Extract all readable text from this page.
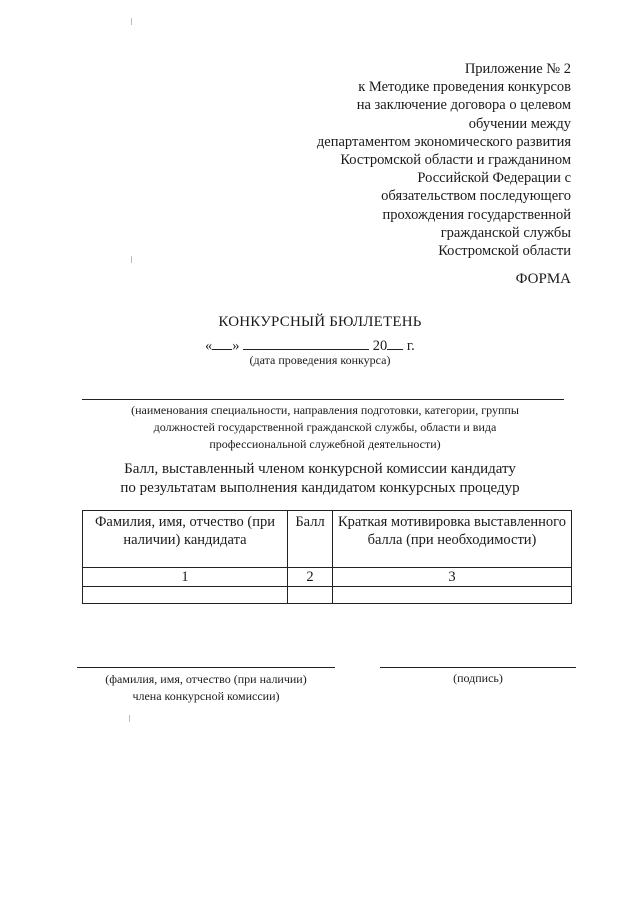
Приложение № 2
к Методике проведения конкурсов
на заключение договора о целевом
обучении между
департаментом экономического развития
Костромской области и гражданином
Российской Федерации с
обязательством последующего
прохождения государственной
гражданской службы
Костромской области
ФОРМА
КОНКУРСНЫЙ БЮЛЛЕТЕНЬ
« »	20 г.
(дата проведения конкурса)
(наименования специальности, направления подготовки, категории, группы
должностей государственной гражданской службы, области и вида
профессиональной служебной деятельности)
Балл, выставленный членом конкурсной комиссии кандидату
по результатам выполнения кандидатом конкурсных процедур
Фамилия, имя, отчество (при наличии) кандидата	Балл	Краткая мотивировка выставленного балла (при необходимости)
1	2	3

(фамилия, имя, отчество (при наличии)
члена конкурсной комиссии)
(подпись)
